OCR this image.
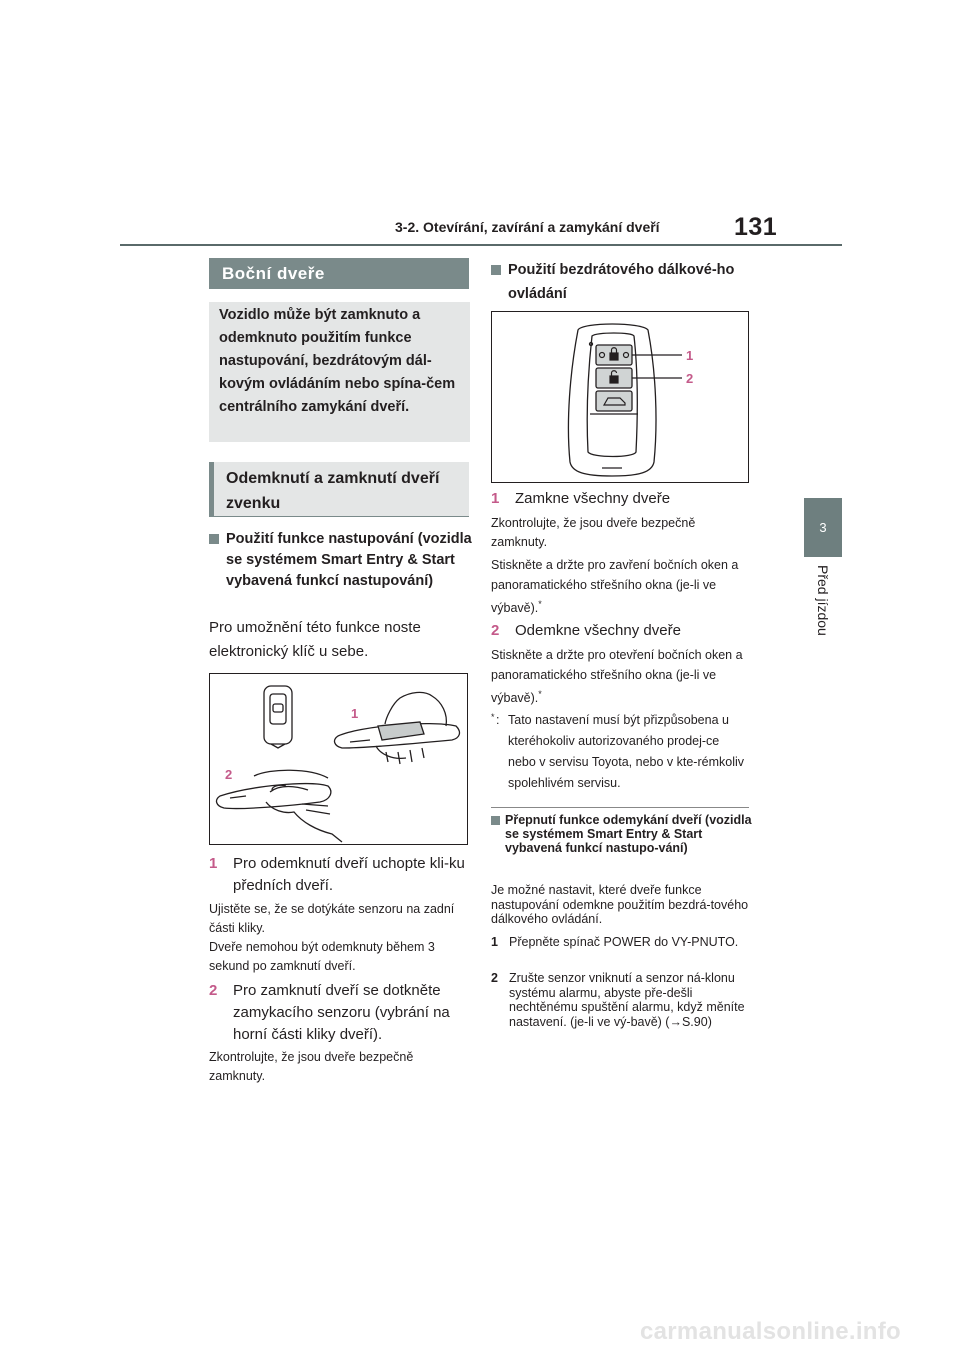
3-2. Otevírání, zavírání a zamykání dveří	131
3
Před jízdou
Boční dveře
Vozidlo může být zamknuto a odemknuto použitím funkce nastupování, bezdrátovým dál-kovým ovládáním nebo spína-čem centrálního zamykání dveří.
Odemknutí a zamknutí dveří zvenku
Použití funkce nastupování (vozidla se systémem Smart Entry & Start vybavená funkcí nastupování)
Pro umožnění této funkce noste elektronický klíč u sebe.
1
2
1	Pro odemknutí dveří uchopte kli-ku předních dveří.
Ujistěte se, že se dotýkáte senzoru na zadní části kliky.
Dveře nemohou být odemknuty během 3 sekund po zamknutí dveří.
2	Pro zamknutí dveří se dotkněte zamykacího senzoru (vybrání na horní části kliky dveří).
Zkontrolujte, že jsou dveře bezpečně zamknuty.
Použití bezdrátového dálkové-ho ovládání
1
2
1	Zamkne všechny dveře
Zkontrolujte, že jsou dveře bezpečně zamknuty.
Stiskněte a držte pro zavření bočních oken a panoramatického střešního okna (je-li ve výbavě).*
2	Odemkne všechny dveře
Stiskněte a držte pro otevření bočních oken a panoramatického střešního okna (je-li ve výbavě).*
* : Tato nastavení musí být přizpůsobena u kteréhokoliv autorizovaného prodej-ce nebo v servisu Toyota, nebo v kte-rémkoliv spolehlivém servisu.
Přepnutí funkce odemykání dveří (vozidla se systémem Smart Entry & Start vybavená funkcí nastupo-vání)
Je možné nastavit, které dveře funkce nastupování odemkne použitím bezdrá-tového dálkového ovládání.
1 Přepněte spínač POWER do VY-PNUTO.
2 Zrušte senzor vniknutí a senzor ná-klonu systému alarmu, abyste pře-dešli nechtěnému spuštění alarmu, když měníte nastavení. (je-li ve vý-bavě) (→S.90)
carmanualsonline.info
